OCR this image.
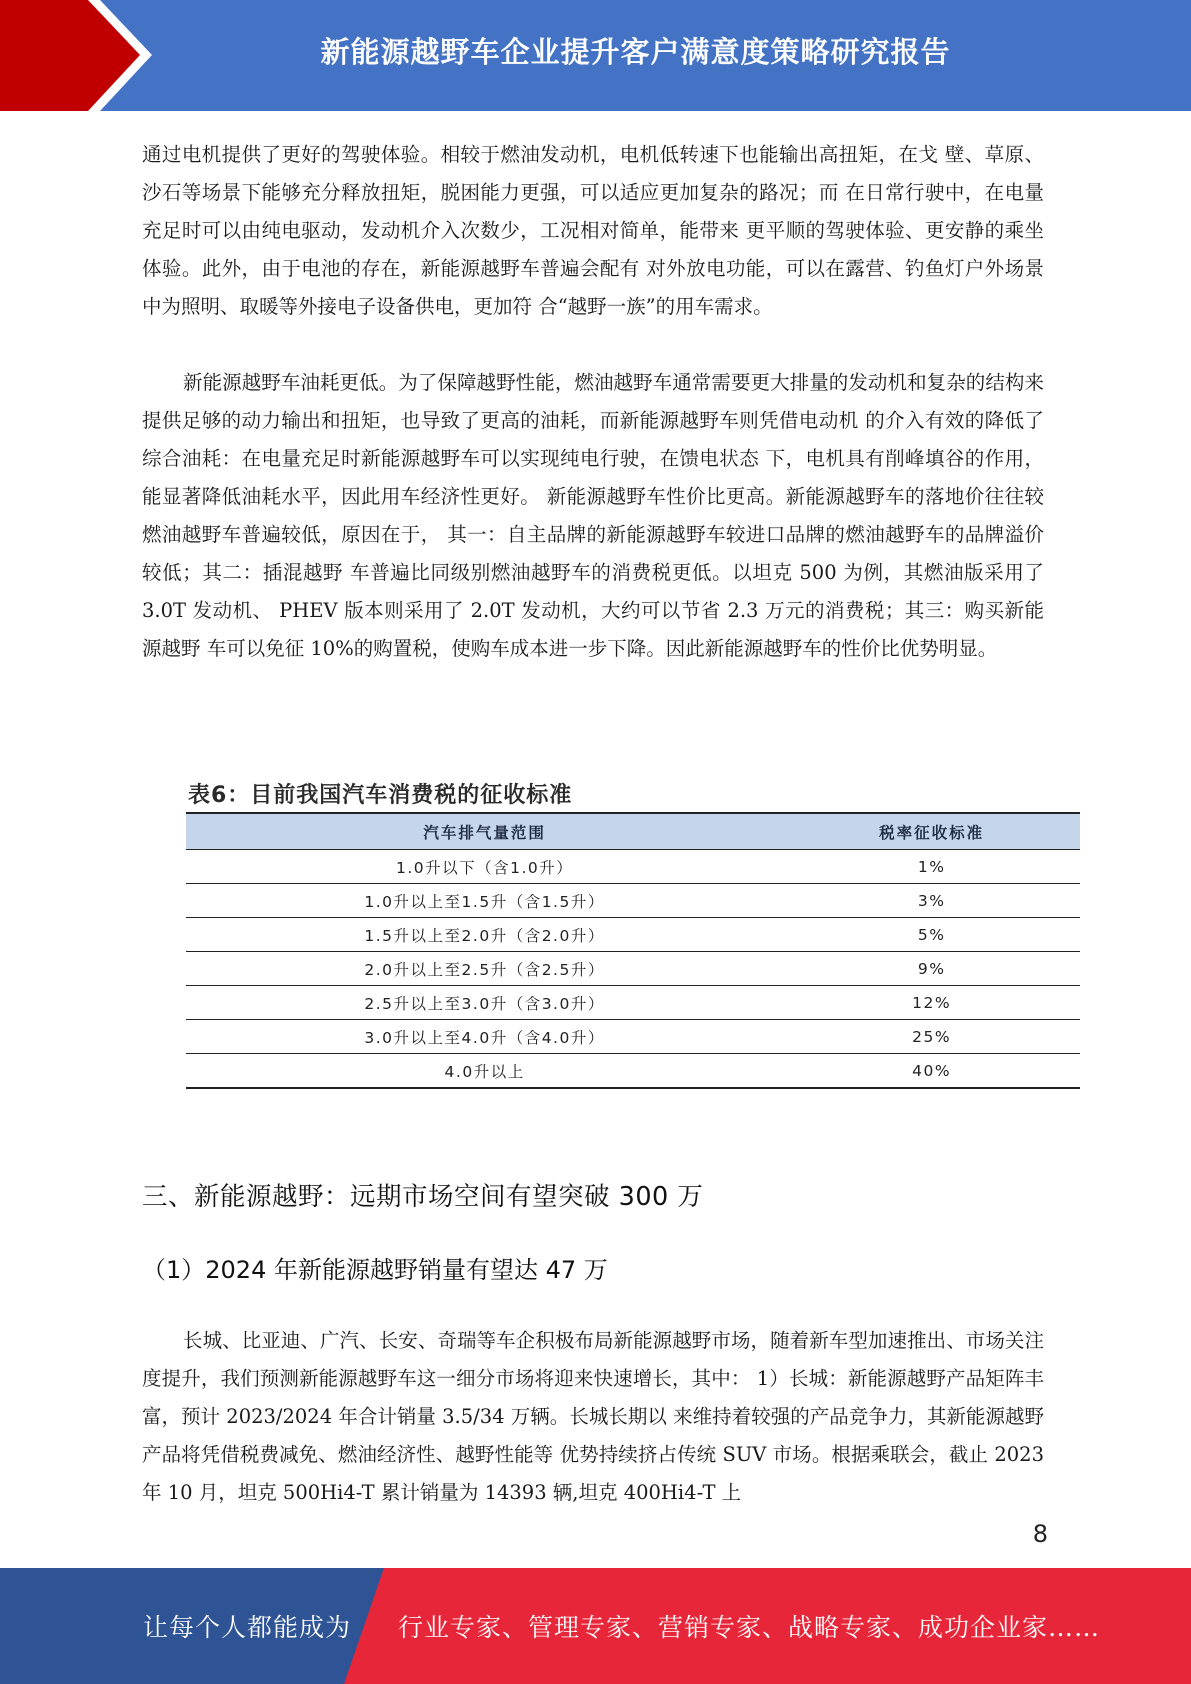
新能源越野车企业提升客户满意度策略研究报告

通过电机提供了更好的驾驶体验。相较于燃油发动机，电机低转速下也能输出高扭矩，在戈 壁、草原、沙石等场景下能够充分释放扭矩，脱困能力更强，可以适应更加复杂的路况；而 在日常行驶中，在电量充足时可以由纯电驱动，发动机介入次数少，工况相对简单，能带来 更平顺的驾驶体验、更安静的乘坐体验。此外，由于电池的存在，新能源越野车普遍会配有 对外放电功能，可以在露营、钓鱼灯户外场景中为照明、取暖等外接电子设备供电，更加符 合“越野一族”的用车需求。

新能源越野车油耗更低。为了保障越野性能，燃油越野车通常需要更大排量的发动机和复杂的结构来提供足够的动力输出和扭矩，也导致了更高的油耗，而新能源越野车则凭借电动机 的介入有效的降低了综合油耗：在电量充足时新能源越野车可以实现纯电行驶，在馈电状态 下，电机具有削峰填谷的作用，能显著降低油耗水平，因此用车经济性更好。 新能源越野车性价比更高。新能源越野车的落地价往往较燃油越野车普遍较低，原因在于， 其一：自主品牌的新能源越野车较进口品牌的燃油越野车的品牌溢价较低；其二：插混越野 车普遍比同级别燃油越野车的消费税更低。以坦克 500 为例，其燃油版采用了 3.0T 发动机、 PHEV 版本则采用了 2.0T 发动机，大约可以节省 2.3 万元的消费税；其三：购买新能源越野 车可以免征 10%的购置税，使购车成本进一步下降。因此新能源越野车的性价比优势明显。

表6：目前我国汽车消费税的征收标准
汽车排气量范围	税率征收标准
1.0升以下（含1.0升）	1%
1.0升以上至1.5升（含1.5升）	3%
1.5升以上至2.0升（含2.0升）	5%
2.0升以上至2.5升（含2.5升）	9%
2.5升以上至3.0升（含3.0升）	12%
3.0升以上至4.0升（含4.0升）	25%
4.0升以上	40%
三、新能源越野：远期市场空间有望突破 300 万
（1）2024 年新能源越野销量有望达 47 万

长城、比亚迪、广汽、长安、奇瑞等车企积极布局新能源越野市场，随着新车型加速推出、市场关注度提升，我们预测新能源越野车这一细分市场将迎来快速增长，其中： 1）长城：新能源越野产品矩阵丰富，预计 2023/2024 年合计销量 3.5/34 万辆。长城长期以 来维持着较强的产品竞争力，其新能源越野产品将凭借税费减免、燃油经济性、越野性能等 优势持续挤占传统 SUV 市场。根据乘联会，截止 2023 年 10 月，坦克 500Hi4-T 累计销量为 14393 辆,坦克 400Hi4-T 上

8
让每个人都能成为 行业专家、管理专家、营销专家、战略专家、成功企业家……
